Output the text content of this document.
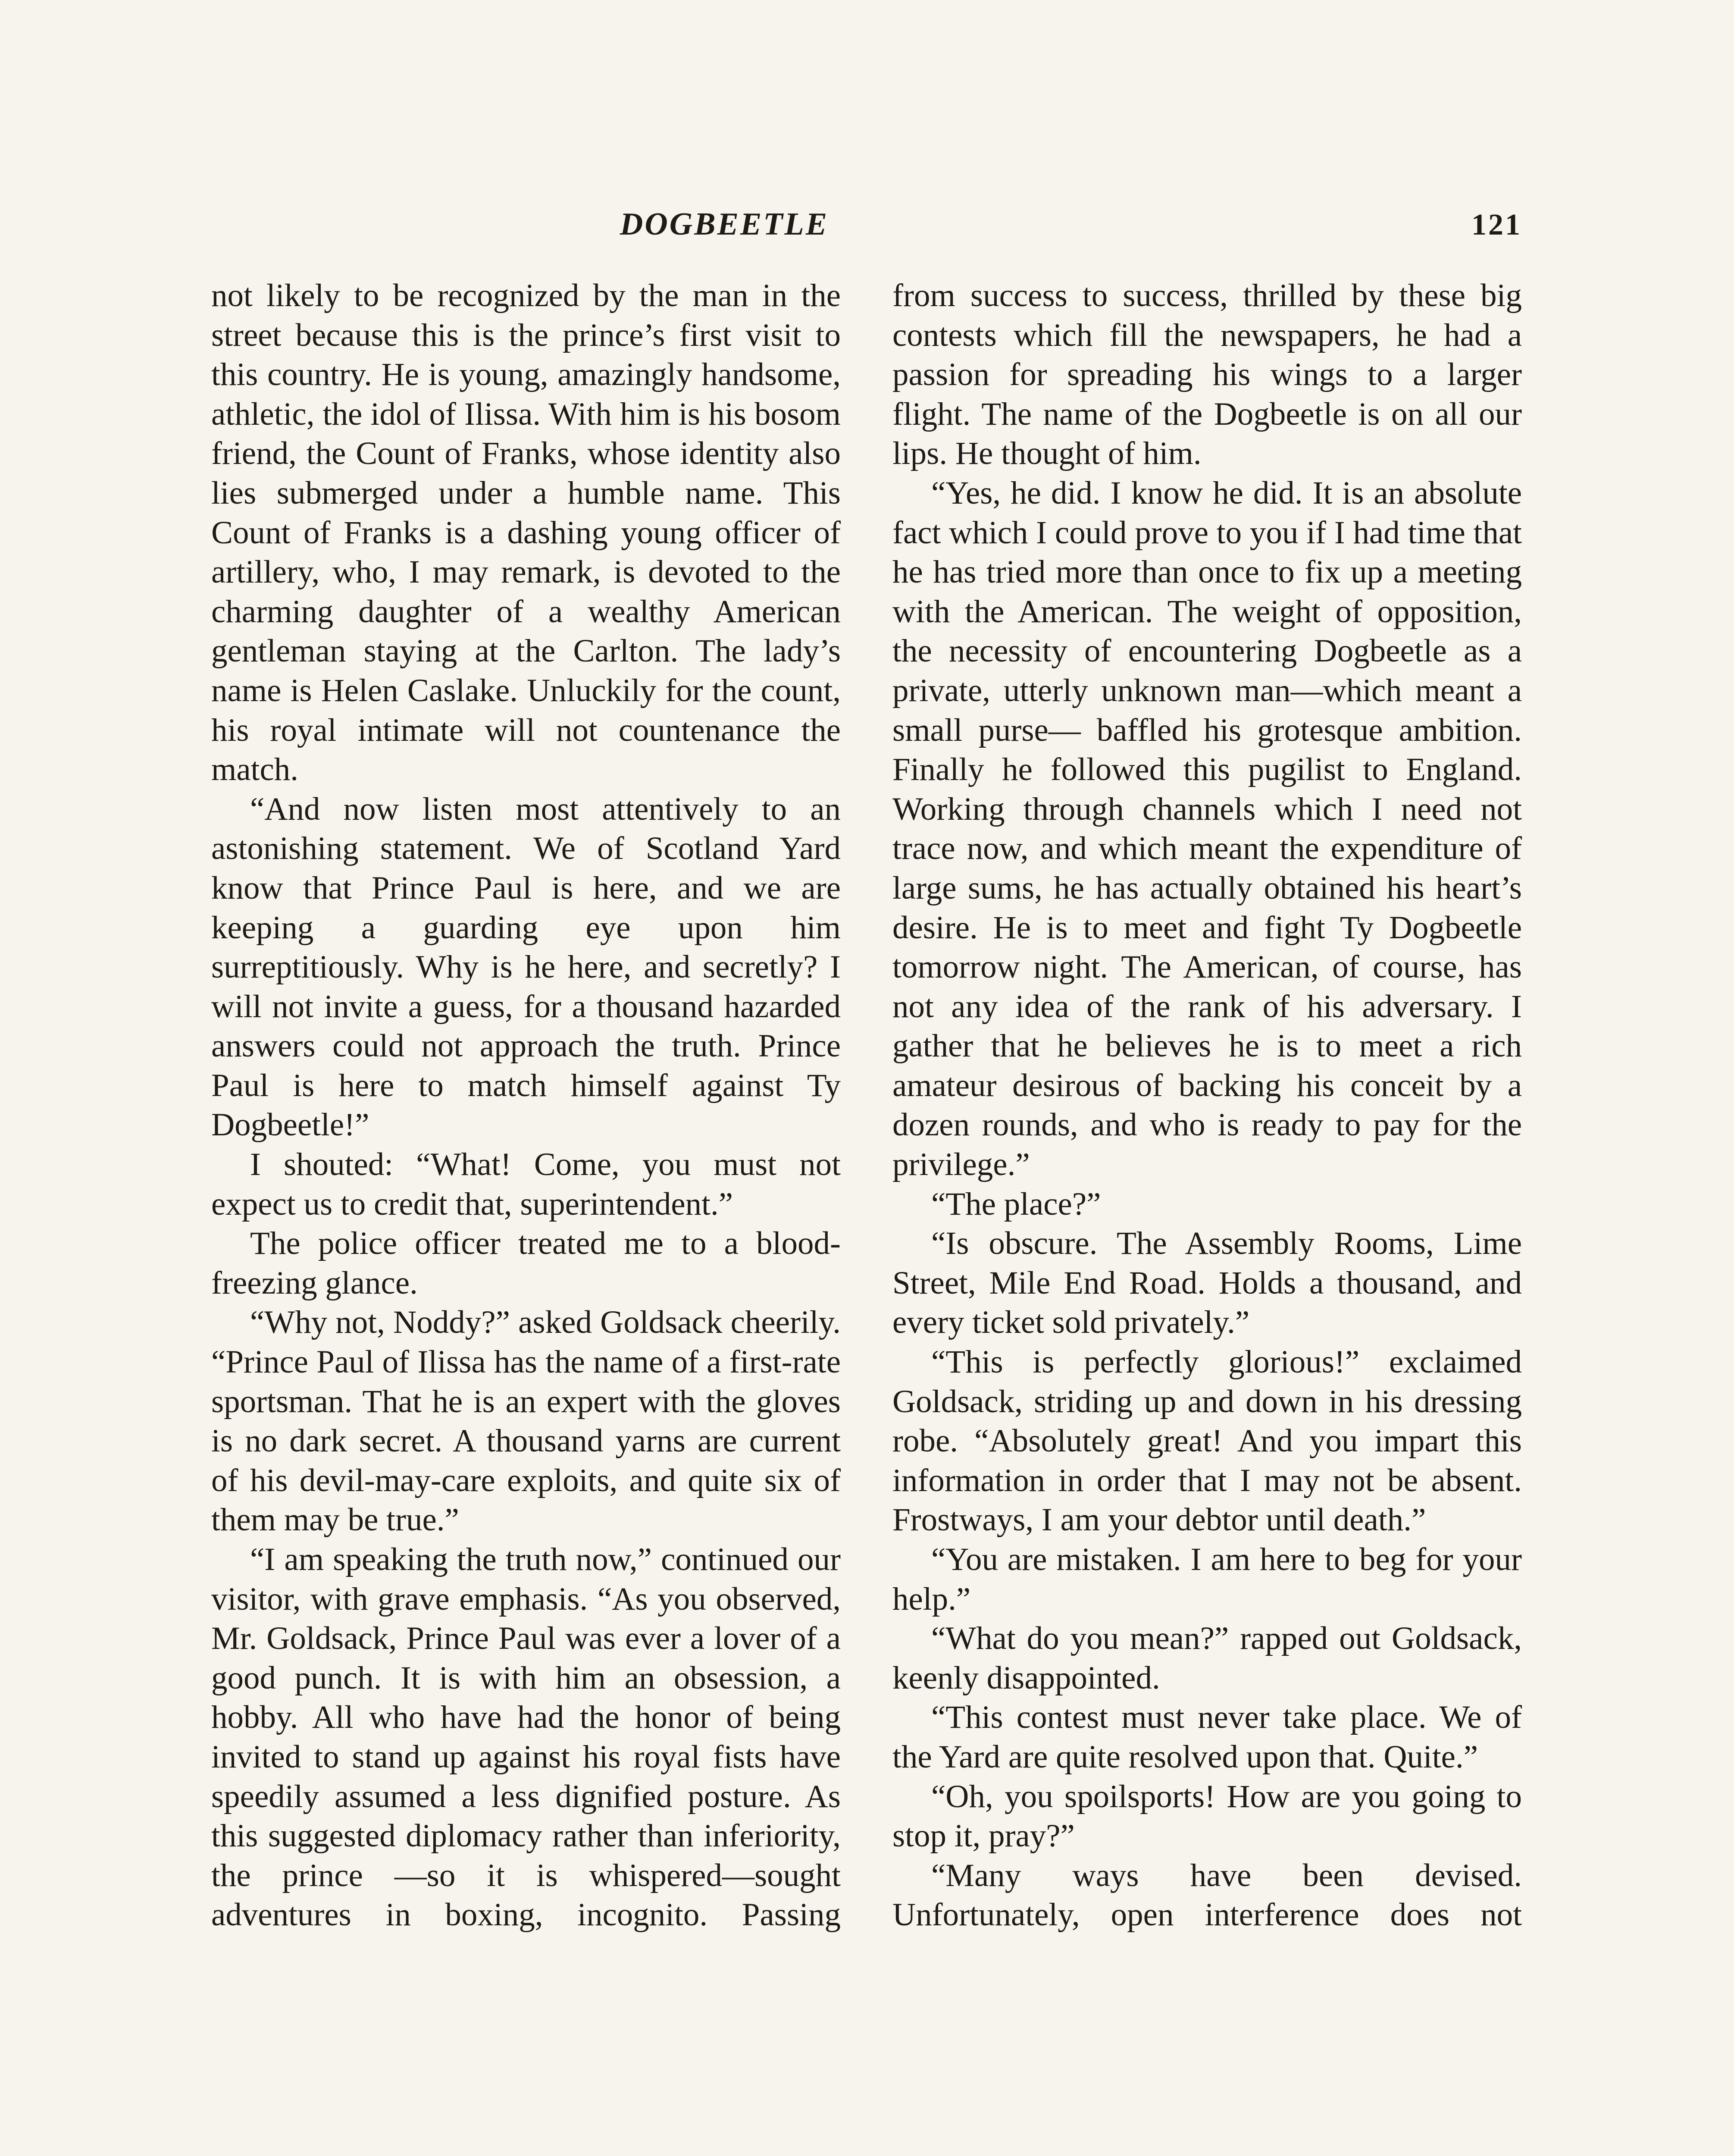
DOGBEETLE	121

not likely to be recognized by the man in the street because this is the prince’s first visit to this country. He is young, amazingly handsome, athletic, the idol of Ilissa. With him is his bosom friend, the Count of Franks, whose identity also lies submerged under a humble name. This Count of Franks is a dashing young officer of artillery, who, I may remark, is devoted to the charming daughter of a wealthy American gentleman staying at the Carlton. The lady’s name is Helen Caslake. Unluckily for the count, his royal intimate will not countenance the match.

“And now listen most attentively to an astonishing statement. We of Scotland Yard know that Prince Paul is here, and we are keeping a guarding eye upon him surreptitiously. Why is he here, and secretly? I will not invite a guess, for a thousand hazarded answers could not approach the truth. Prince Paul is here to match himself against Ty Dogbeetle!”

I shouted: “What! Come, you must not expect us to credit that, superintendent.”

The police officer treated me to a blood-freezing glance.

“Why not, Noddy?” asked Goldsack cheerily. “Prince Paul of Ilissa has the name of a first-rate sportsman. That he is an expert with the gloves is no dark secret. A thousand yarns are current of his devil-may-care exploits, and quite six of them may be true.”

“I am speaking the truth now,” continued our visitor, with grave emphasis. “As you observed, Mr. Goldsack, Prince Paul was ever a lover of a good punch. It is with him an obsession, a hobby. All who have had the honor of being invited to stand up against his royal fists have speedily assumed a less dignified posture. As this suggested diplomacy rather than inferiority, the prince —so it is whispered—sought adventures in boxing, incognito. Passing

from success to success, thrilled by these big contests which fill the newspapers, he had a passion for spreading his wings to a larger flight. The name of the Dogbeetle is on all our lips. He thought of him.

“Yes, he did. I know he did. It is an absolute fact which I could prove to you if I had time that he has tried more than once to fix up a meeting with the American. The weight of opposition, the necessity of encountering Dogbeetle as a private, utterly unknown man—which meant a small purse— baffled his grotesque ambition. Finally he followed this pugilist to England. Working through channels which I need not trace now, and which meant the expenditure of large sums, he has actually obtained his heart’s desire. He is to meet and fight Ty Dogbeetle tomorrow night. The American, of course, has not any idea of the rank of his adversary. I gather that he believes he is to meet a rich amateur desirous of backing his conceit by a dozen rounds, and who is ready to pay for the privilege.”

“The place?”

“Is obscure. The Assembly Rooms, Lime Street, Mile End Road. Holds a thousand, and every ticket sold privately.”

“This is perfectly glorious!” exclaimed Goldsack, striding up and down in his dressing robe. “Absolutely great! And you impart this information in order that I may not be absent. Frostways, I am your debtor until death.”

“You are mistaken. I am here to beg for your help.”

“What do you mean?” rapped out Goldsack, keenly disappointed.

“This contest must never take place. We of the Yard are quite resolved upon that. Quite.”

“Oh, you spoilsports! How are you going to stop it, pray?”

“Many ways have been devised. Unfortunately, open interference does not
